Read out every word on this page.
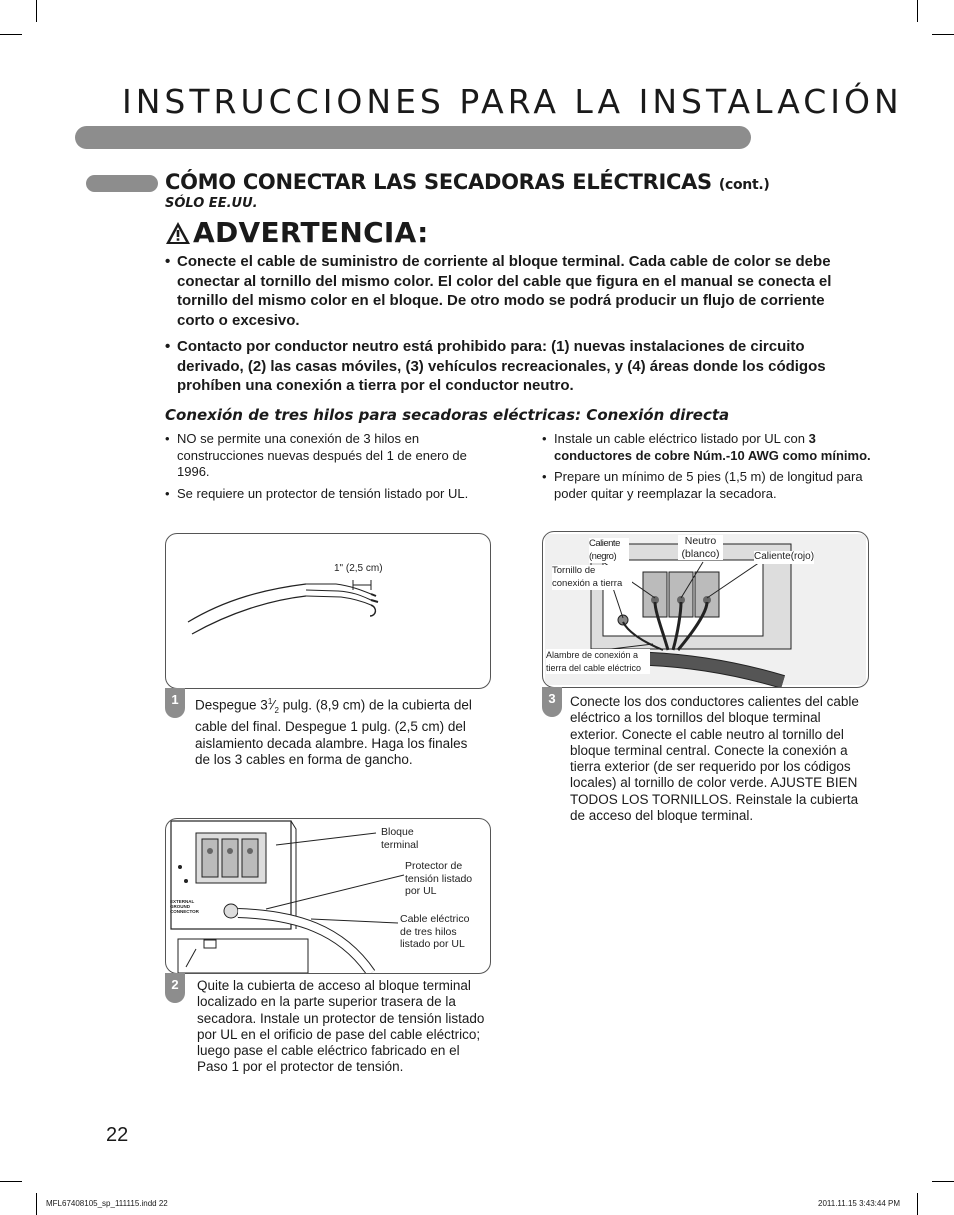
INSTRUCCIONES PARA LA INSTALACIÓN
CÓMO CONECTAR LAS SECADORAS ELÉCTRICAS (cont.)
SÓLO EE.UU.
ADVERTENCIA:
• Conecte el cable de suministro de corriente al bloque terminal. Cada cable de color se debe conectar al tornillo del mismo color. El color del cable que figura en el manual se conecta el tornillo del mismo color en el bloque. De otro modo se podrá producir un flujo de corriente corto o excesivo.
• Contacto por conductor neutro está prohibido para: (1) nuevas instalaciones de circuito derivado, (2) las casas móviles, (3) vehículos recreacionales, y (4) áreas donde los códigos prohíben una conexión a tierra por el conductor neutro.
Conexión de tres hilos para secadoras eléctricas: Conexión directa
• NO se permite una conexión de 3 hilos en construcciones nuevas después del 1 de enero de 1996.
• Se requiere un protector de tensión listado por UL.
• Instale un cable eléctrico listado por UL con 3 conductores de cobre Núm.-10 AWG como mínimo.
• Prepare un mínimo de 5 pies (1,5 m) de longitud para poder quitar y reemplazar la secadora.
1" (2,5 cm)
1	Despegue $3^1⁄_2$ pulg. (8,9 cm) de la cubierta del cable del final. Despegue 1 pulg. (2,5 cm) del aislamiento decada alambre. Haga los finales de los 3 cables en forma de gancho.
EXTERNAL GROUND CONNECTOR
Bloque terminal
Protector de tensión listado por UL
Cable eléctrico de tres hilos listado por UL
2	Quite la cubierta de acceso al bloque terminal localizado en la parte superior trasera de la secadora. Instale un protector de tensión listado por UL en el orificio de pase del cable eléctrico; luego pase el cable eléctrico fabricado en el Paso 1 por el protector de tensión.
Caliente (negro)
Neutro (blanco)	Caliente(rojo)
Tornillo de conexión a tierra
Alambre de conexión a tierra del cable eléctrico
3	Conecte los dos conductores calientes del cable eléctrico a los tornillos del bloque terminal exterior. Conecte el cable neutro al tornillo del bloque terminal central. Conecte la conexión a tierra exterior (de ser requerido por los códigos locales) al tornillo de color verde. AJUSTE BIEN TODOS LOS TORNILLOS. Reinstale la cubierta de acceso del bloque terminal.
22
MFL67408105_sp_111115.indd 22	2011.11.15 3:43:44 PM
